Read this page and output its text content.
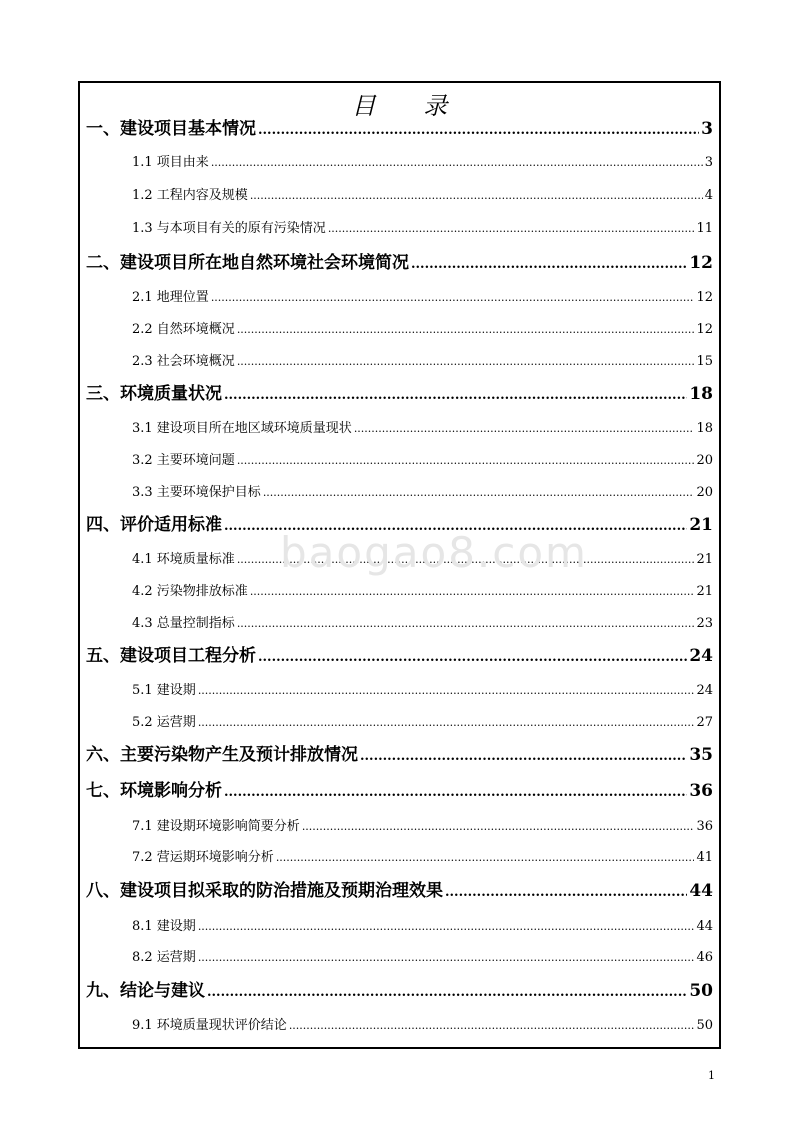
目 录
一、建设项目基本情况 .....	3
1.1 项目由来 .....	3
1.2 工程内容及规模 .....	4
1.3 与本项目有关的原有污染情况 .....	11
二、建设项目所在地自然环境社会环境简况 .....	12
2.1 地理位置 .....	12
2.2 自然环境概况 .....	12
2.3 社会环境概况 .....	15
三、环境质量状况 .....	18
3.1 建设项目所在地区域环境质量现状 .....	18
3.2 主要环境问题 .....	20
3.3 主要环境保护目标 .....	20
四、评价适用标准 .....	21
4.1 环境质量标准 .....	21
4.2 污染物排放标准 .....	21
4.3 总量控制指标 .....	23
五、建设项目工程分析 .....	24
5.1 建设期 .....	24
5.2 运营期 .....	27
六、主要污染物产生及预计排放情况 .....	35
七、环境影响分析 .....	36
7.1 建设期环境影响简要分析 .....	36
7.2 营运期环境影响分析 .....	41
八、建设项目拟采取的防治措施及预期治理效果 .....	44
8.1 建设期 .....	44
8.2 运营期 .....	46
九、结论与建议 .....	50
9.1 环境质量现状评价结论 .....	50
baogao8.com
1
